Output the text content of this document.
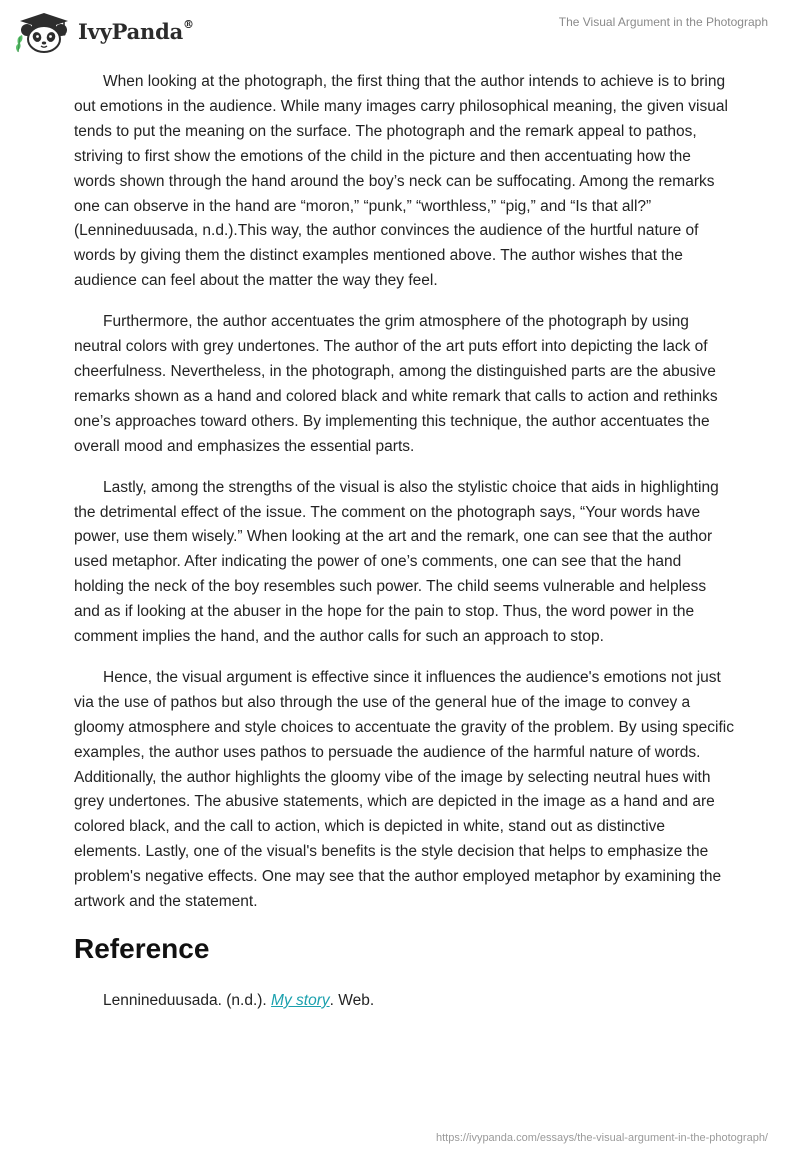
IvyPanda®	The Visual Argument in the Photograph

When looking at the photograph, the first thing that the author intends to achieve is to bring out emotions in the audience. While many images carry philosophical meaning, the given visual tends to put the meaning on the surface. The photograph and the remark appeal to pathos, striving to first show the emotions of the child in the picture and then accentuating how the words shown through the hand around the boy’s neck can be suffocating. Among the remarks one can observe in the hand are “moron,” “punk,” “worthless,” “pig,” and “Is that all?” (Lennineduusada, n.d.).This way, the author convinces the audience of the hurtful nature of words by giving them the distinct examples mentioned above. The author wishes that the audience can feel about the matter the way they feel.

Furthermore, the author accentuates the grim atmosphere of the photograph by using neutral colors with grey undertones. The author of the art puts effort into depicting the lack of cheerfulness. Nevertheless, in the photograph, among the distinguished parts are the abusive remarks shown as a hand and colored black and white remark that calls to action and rethinks one’s approaches toward others. By implementing this technique, the author accentuates the overall mood and emphasizes the essential parts.

Lastly, among the strengths of the visual is also the stylistic choice that aids in highlighting the detrimental effect of the issue. The comment on the photograph says, “Your words have power, use them wisely.” When looking at the art and the remark, one can see that the author used metaphor. After indicating the power of one’s comments, one can see that the hand holding the neck of the boy resembles such power. The child seems vulnerable and helpless and as if looking at the abuser in the hope for the pain to stop. Thus, the word power in the comment implies the hand, and the author calls for such an approach to stop.

Hence, the visual argument is effective since it influences the audience's emotions not just via the use of pathos but also through the use of the general hue of the image to convey a gloomy atmosphere and style choices to accentuate the gravity of the problem. By using specific examples, the author uses pathos to persuade the audience of the harmful nature of words. Additionally, the author highlights the gloomy vibe of the image by selecting neutral hues with grey undertones. The abusive statements, which are depicted in the image as a hand and are colored black, and the call to action, which is depicted in white, stand out as distinctive elements. Lastly, one of the visual's benefits is the style decision that helps to emphasize the problem's negative effects. One may see that the author employed metaphor by examining the artwork and the statement.

Reference
Lennineduusada. (n.d.). My story. Web.
https://ivypanda.com/essays/the-visual-argument-in-the-photograph/
